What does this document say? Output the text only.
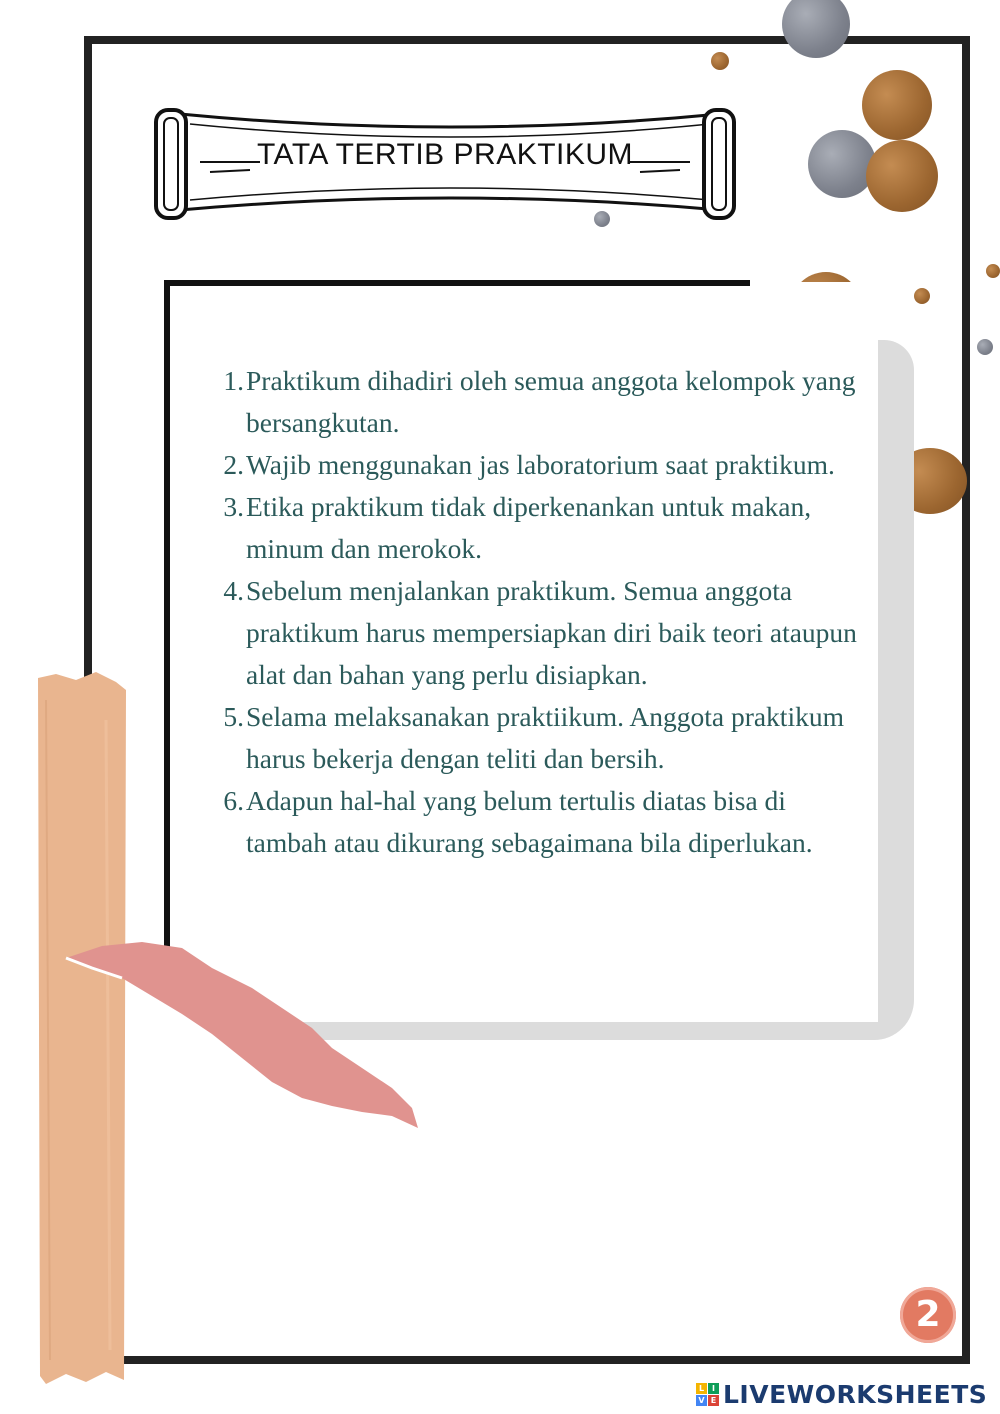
TATA TERTIB PRAKTIKUM
1. Praktikum dihadiri oleh semua anggota kelompok yang bersangkutan.
2. Wajib menggunakan jas laboratorium saat praktikum.
3. Etika praktikum tidak diperkenankan untuk makan, minum dan merokok.
4. Sebelum menjalankan praktikum. Semua anggota praktikum harus mempersiapkan diri baik teori ataupun alat dan bahan yang perlu disiapkan.
5. Selama melaksanakan praktiikum. Anggota praktikum harus bekerja dengan teliti dan bersih.
6. Adapun hal-hal yang belum tertulis diatas bisa di tambah atau dikurang sebagaimana bila diperlukan.
2
L I
V E LIVEWORKSHEETS
